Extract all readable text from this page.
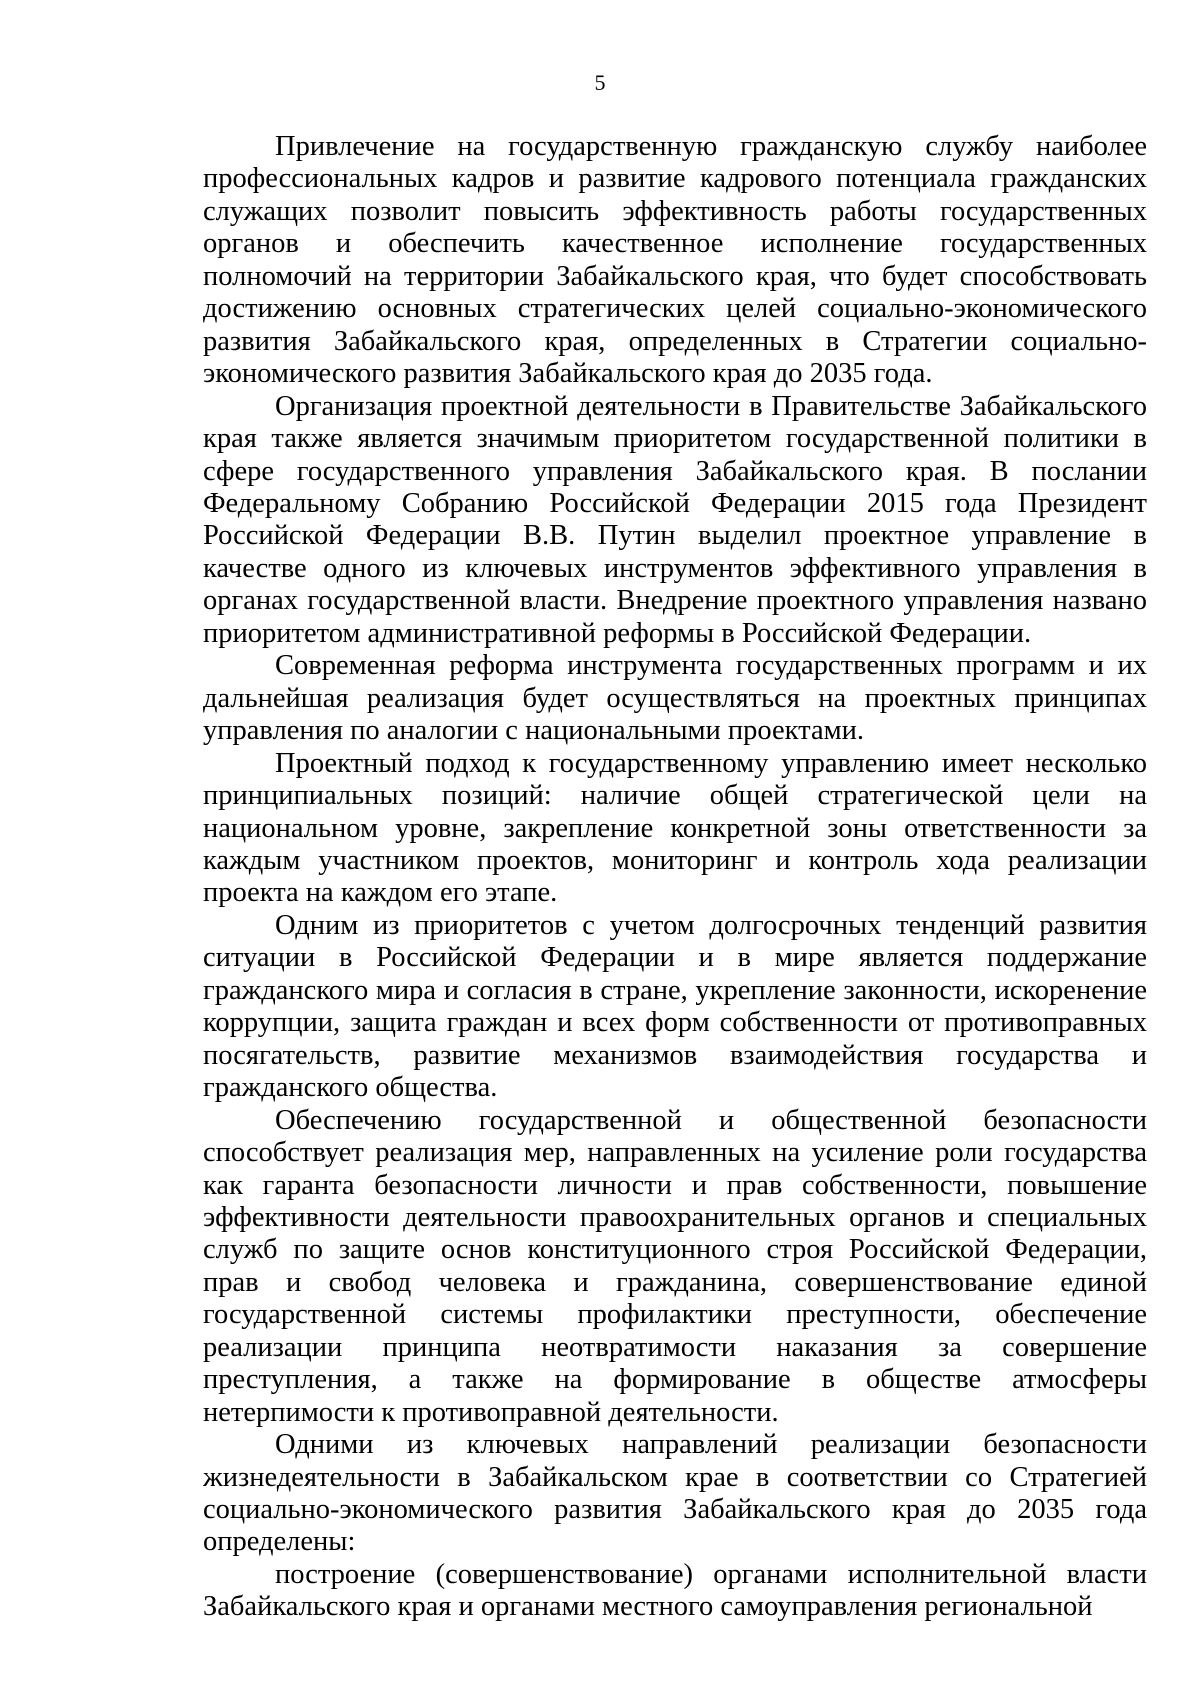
5

Привлечение на государственную гражданскую службу наиболее профессиональных кадров и развитие кадрового потенциала гражданских служащих позволит повысить эффективность работы государственных органов и обеспечить качественное исполнение государственных полномочий на территории Забайкальского края, что будет способствовать достижению основных стратегических целей социально-экономического развития Забайкальского края, определенных в Стратегии социально-экономического развития Забайкальского края до 2035 года.

Организация проектной деятельности в Правительстве Забайкальского края также является значимым приоритетом государственной политики в сфере государственного управления Забайкальского края. В послании Федеральному Собранию Российской Федерации 2015 года Президент Российской Федерации В.В. Путин выделил проектное управление в качестве одного из ключевых инструментов эффективного управления в органах государственной власти. Внедрение проектного управления названо приоритетом административной реформы в Российской Федерации.

Современная реформа инструмента государственных программ и их дальнейшая реализация будет осуществляться на проектных принципах управления по аналогии с национальными проектами.

Проектный подход к государственному управлению имеет несколько принципиальных позиций: наличие общей стратегической цели на национальном уровне, закрепление конкретной зоны ответственности за каждым участником проектов, мониторинг и контроль хода реализации проекта на каждом его этапе.

Одним из приоритетов с учетом долгосрочных тенденций развития ситуации в Российской Федерации и в мире является поддержание гражданского мира и согласия в стране, укрепление законности, искоренение коррупции, защита граждан и всех форм собственности от противоправных посягательств, развитие механизмов взаимодействия государства и гражданского общества.

Обеспечению государственной и общественной безопасности способствует реализация мер, направленных на усиление роли государства как гаранта безопасности личности и прав собственности, повышение эффективности деятельности правоохранительных органов и специальных служб по защите основ конституционного строя Российской Федерации, прав и свобод человека и гражданина, совершенствование единой государственной системы профилактики преступности, обеспечение реализации принципа неотвратимости наказания за совершение преступления, а также на формирование в обществе атмосферы нетерпимости к противоправной деятельности.

Одними из ключевых направлений реализации безопасности жизнедеятельности в Забайкальском крае в соответствии со Стратегией социально-экономического развития Забайкальского края до 2035 года определены:

построение (совершенствование) органами исполнительной власти Забайкальского края и органами местного самоуправления региональной
